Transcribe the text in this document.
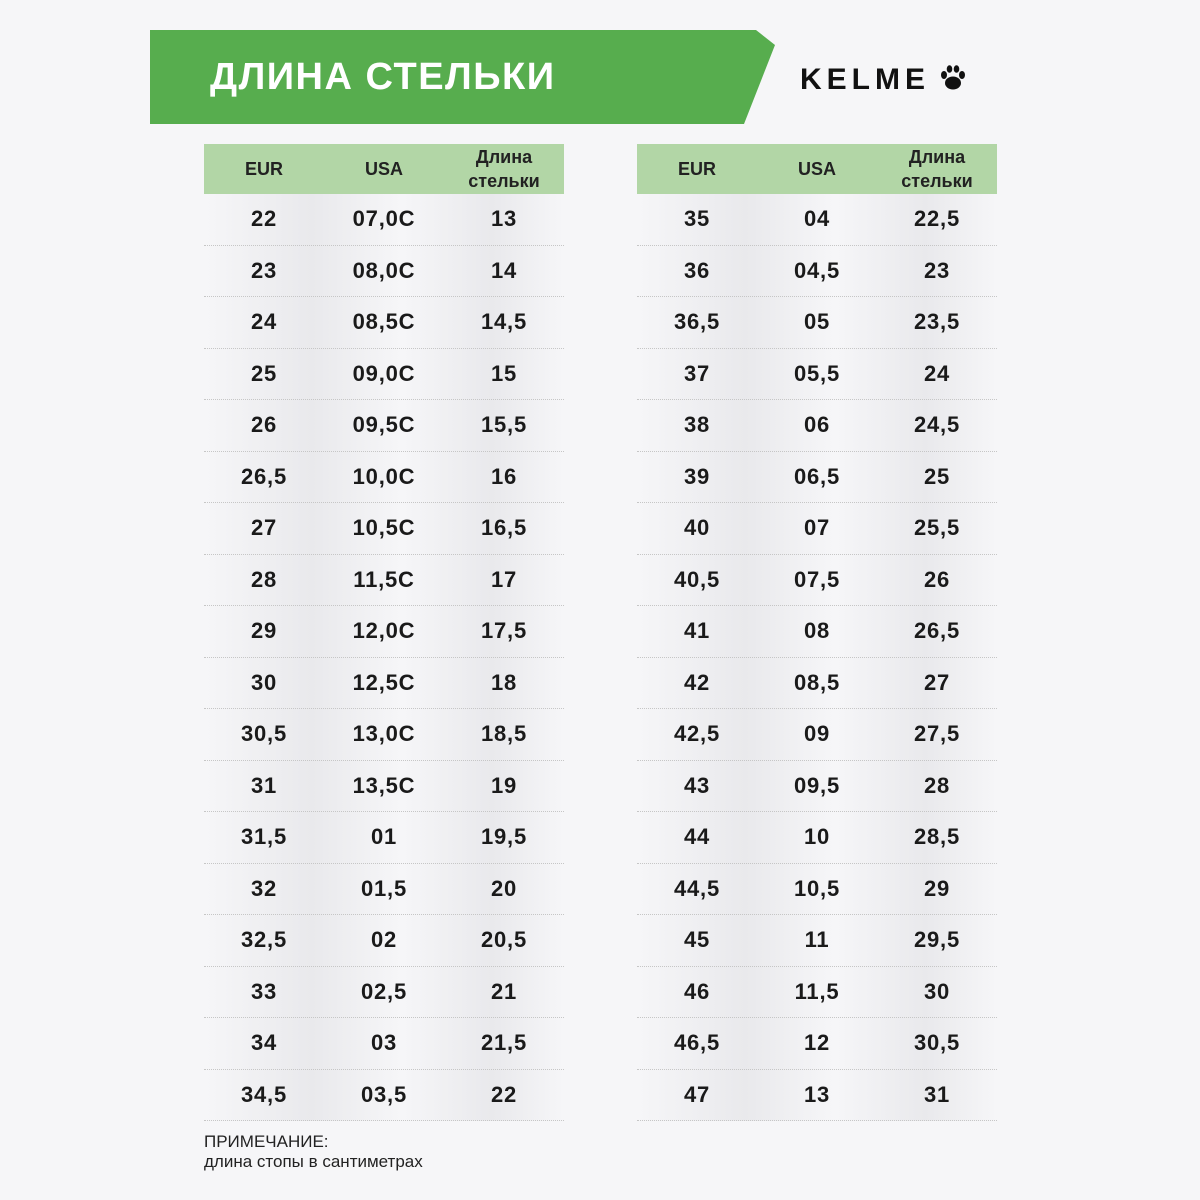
ДЛИНА СТЕЛЬКИ	KELME
EUR	USA
Длина стельки
22	07,0C	13
23	08,0C	14
24	08,5C	14,5
25	09,0C	15
26	09,5C	15,5
26,5	10,0C	16
27	10,5C	16,5
28	11,5C	17
29	12,0C	17,5
30	12,5C	18
30,5	13,0C	18,5
31	13,5C	19
31,5	01	19,5
32	01,5	20
32,5	02	20,5
33	02,5	21
34	03	21,5
34,5	03,5	22
EUR	USA
Длина стельки
35	04	22,5
36	04,5	23
36,5	05	23,5
37	05,5	24
38	06	24,5
39	06,5	25
40	07	25,5
40,5	07,5	26
41	08	26,5
42	08,5	27
42,5	09	27,5
43	09,5	28
44	10	28,5
44,5	10,5	29
45	11	29,5
46	11,5	30
46,5	12	30,5
47	13	31
ПРИМЕЧАНИЕ:
длина стопы в сантиметрах
